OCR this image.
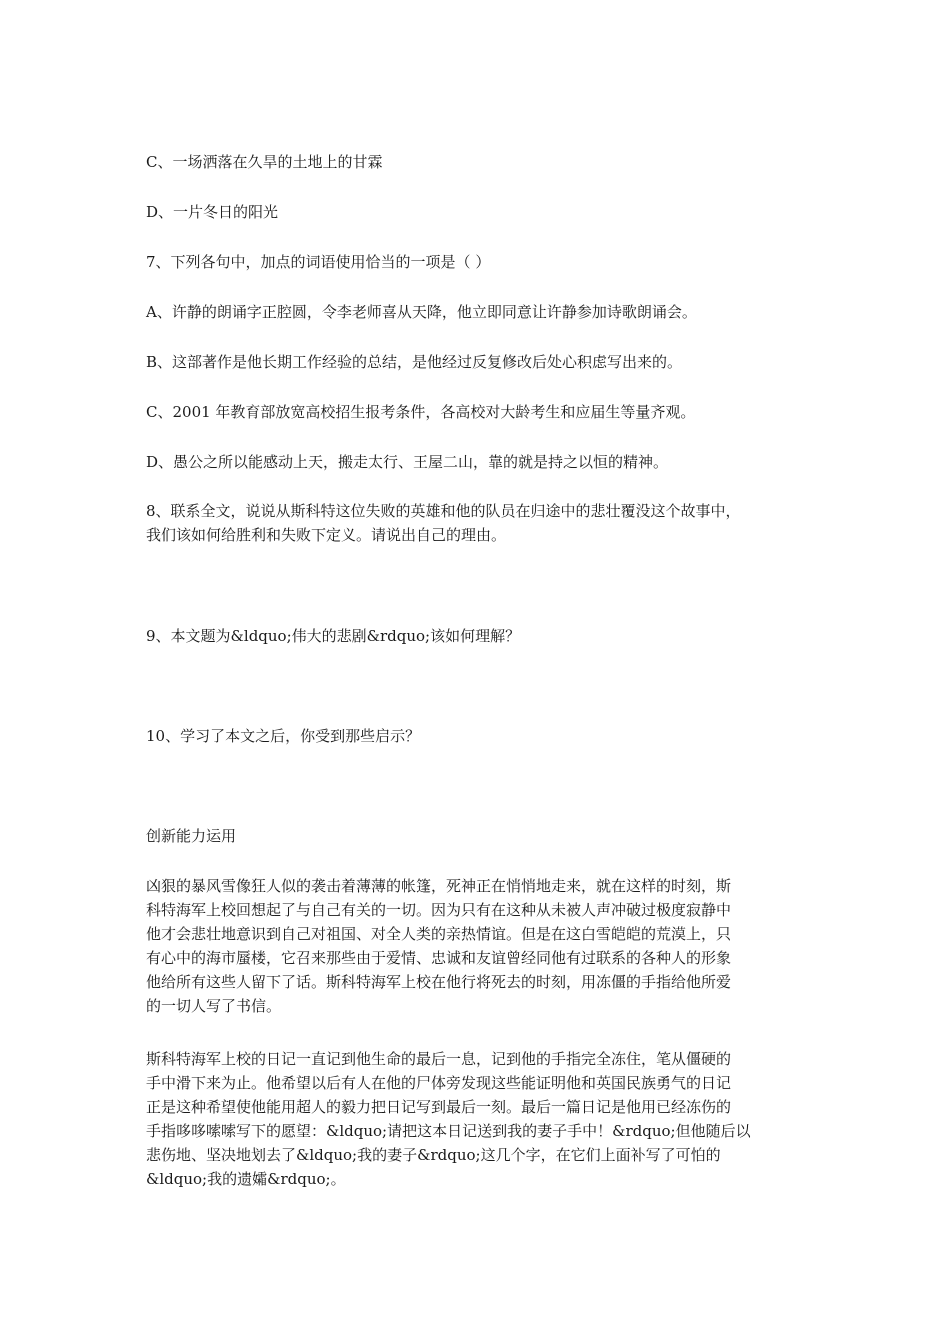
C、一场洒落在久旱的土地上的甘霖
D、一片冬日的阳光
7、下列各句中，加点的词语使用恰当的一项是（ ）
A、许静的朗诵字正腔圆，令李老师喜从天降，他立即同意让许静参加诗歌朗诵会。
B、这部著作是他长期工作经验的总结，是他经过反复修改后处心积虑写出来的。
C、2001 年教育部放宽高校招生报考条件，各高校对大龄考生和应届生等量齐观。
D、愚公之所以能感动上天，搬走太行、王屋二山，靠的就是持之以恒的精神。

8、联系全文，说说从斯科特这位失败的英雄和他的队员在归途中的悲壮覆没这个故事中，

我们该如何给胜利和失败下定义。请说出自己的理由。

9、本文题为&ldquo;伟大的悲剧&rdquo;该如何理解？
10、学习了本文之后，你受到那些启示？
创新能力运用

凶狠的暴风雪像狂人似的袭击着薄薄的帐篷，死神正在悄悄地走来，就在这样的时刻，斯

科特海军上校回想起了与自己有关的一切。因为只有在这种从未被人声冲破过极度寂静中

他才会悲壮地意识到自己对祖国、对全人类的亲热情谊。但是在这白雪皑皑的荒漠上，只

有心中的海市蜃楼，它召来那些由于爱情、忠诚和友谊曾经同他有过联系的各种人的形象

他给所有这些人留下了话。斯科特海军上校在他行将死去的时刻，用冻僵的手指给他所爱

的一切人写了书信。

斯科特海军上校的日记一直记到他生命的最后一息，记到他的手指完全冻住，笔从僵硬的

手中滑下来为止。他希望以后有人在他的尸体旁发现这些能证明他和英国民族勇气的日记

正是这种希望使他能用超人的毅力把日记写到最后一刻。最后一篇日记是他用已经冻伤的

手指哆哆嗦嗦写下的愿望：&ldquo;请把这本日记送到我的妻子手中！&rdquo;但他随后以

悲伤地、坚决地划去了&ldquo;我的妻子&rdquo;这几个字，在它们上面补写了可怕的

&ldquo;我的遗孀&rdquo;。
